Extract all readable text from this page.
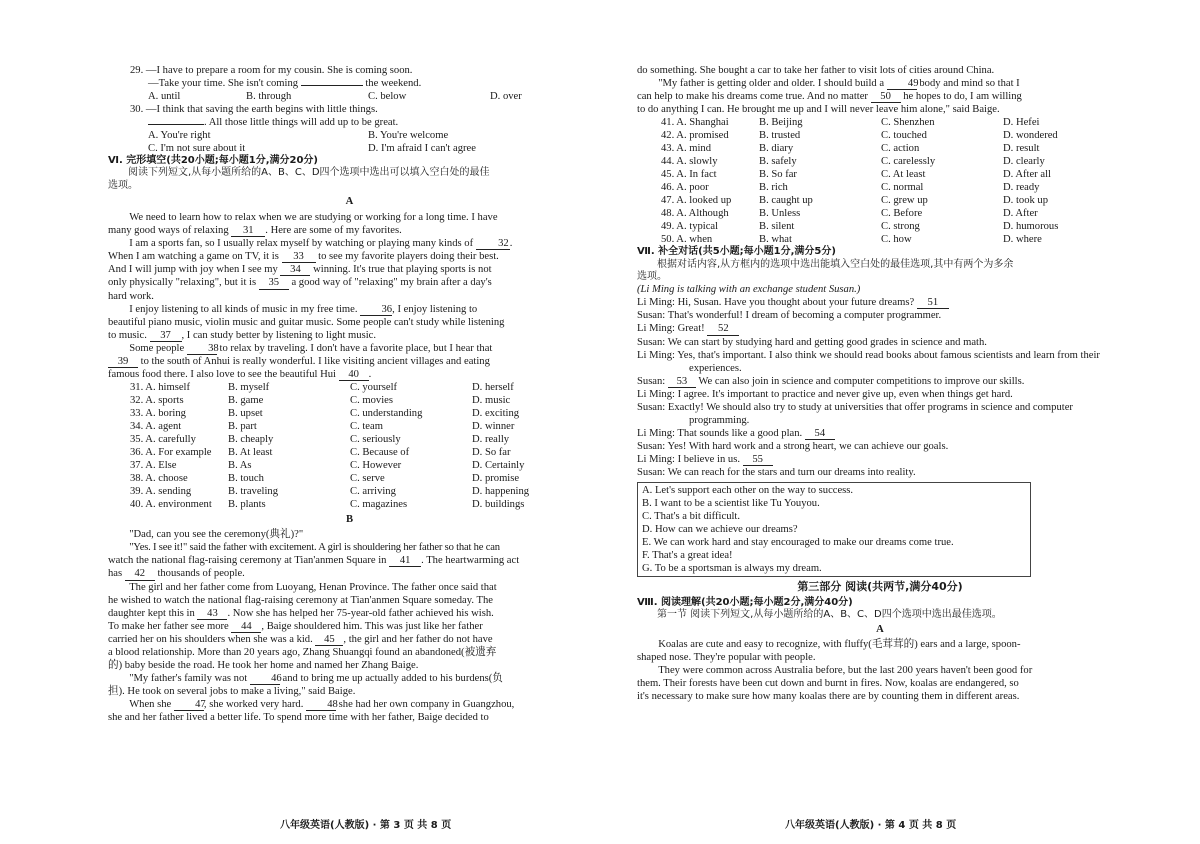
29. —I have to prepare a room for my cousin. She is coming soon.

—Take your time. She isn't coming	the weekend.

A. until	B. through	C. below	D. over

30. —I think that saving the earth begins with little things.

. All those little things will add up to be great.

A. You're right	B. You're welcome
C. I'm not sure about it	D. I'm afraid I can't agree

Ⅵ. 完形填空(共20小题;每小题1分,满分20分)

阅读下列短文,从每小题所给的A、B、C、D四个选项中选出可以填入空白处的最佳

选项。

A

We need to learn how to relax when we are studying or working for a long time. I have

many good ways of relaxing 31 . Here are some of my favorites.

I am a sports fan, so I usually relax myself by watching or playing many kinds of 32.

When I am watching a game on TV, it is 33 to see my favorite players doing their best.

And I will jump with joy when I see my 34 winning. It's true that playing sports is not

only physically "relaxing", but it is 35 a good way of "relaxing" my brain after a day's

hard work.

I enjoy listening to all kinds of music in my free time. 36, I enjoy listening to

beautiful piano music, violin music and guitar music. Some people can't study while listening

to music. 37 , I can study better by listening to light music.

Some people 38 to relax by traveling. I don't have a favorite place, but I hear that

39 to the south of Anhui is really wonderful. I like visiting ancient villages and eating

famous food there. I also love to see the beautiful Hui 40 .

31. A. himself	B. myself	C. yourself	D. herself
32. A. sports	B. game	C. movies	D. music
33. A. boring	B. upset	C. understanding	D. exciting
34. A. agent	B. part	C. team	D. winner
35. A. carefully	B. cheaply	C. seriously	D. really
36. A. For example	B. At least	C. Because of	D. So far
37. A. Else	B. As	C. However	D. Certainly
38. A. choose	B. touch	C. serve	D. promise
39. A. sending	B. traveling	C. arriving	D. happening
40. A. environment	B. plants	C. magazines	D. buildings

B

"Dad, can you see the ceremony(典礼)?"

"Yes. I see it!" said the father with excitement. A girl is shouldering her father so that he can

watch the national flag-raising ceremony at Tian'anmen Square in 41 . The heartwarming act

has 42 thousands of people.

The girl and her father come from Luoyang, Henan Province. The father once said that

he wished to watch the national flag-raising ceremony at Tian'anmen Square someday. The

daughter kept this in 43 . Now she has helped her 75-year-old father achieved his wish.

To make her father see more 44 , Baige shouldered him. This was just like her father

carried her on his shoulders when she was a kid. 45 , the girl and her father do not have

a blood relationship. More than 20 years ago, Zhang Shuangqi found an abandoned(被遗弃

的) baby beside the road. He took her home and named her Zhang Baige.

"My father's family was not 46 and to bring me up actually added to his burdens(负

担). He took on several jobs to make a living," said Baige.

When she 47, she worked very hard. 48 she had her own company in Guangzhou,

she and her father lived a better life. To spend more time with her father, Baige decided to

do something. She bought a car to take her father to visit lots of cities around China.

"My father is getting older and older. I should build a 49 body and mind so that I

can help to make his dreams come true. And no matter 50 he hopes to do, I am willing

to do anything I can. He brought me up and I will never leave him alone," said Baige.

41. A. Shanghai	B. Beijing	C. Shenzhen	D. Hefei
42. A. promised	B. trusted	C. touched	D. wondered
43. A. mind	B. diary	C. action	D. result
44. A. slowly	B. safely	C. carelessly	D. clearly
45. A. In fact	B. So far	C. At least	D. After all
46. A. poor	B. rich	C. normal	D. ready
47. A. looked up	B. caught up	C. grew up	D. took up
48. A. Although	B. Unless	C. Before	D. After
49. A. typical	B. silent	C. strong	D. humorous
50. A. when	B. what	C. how	D. where

Ⅶ. 补全对话(共5小题;每小题1分,满分5分)

根据对话内容,从方框内的选项中选出能填入空白处的最佳选项,其中有两个为多余

选项。

(Li Ming is talking with an exchange student Susan.)

Li Ming: Hi, Susan. Have you thought about your future dreams? 51

Susan: That's wonderful! I dream of becoming a computer programmer.

Li Ming: Great! 52

Susan: We can start by studying hard and getting good grades in science and math.

Li Ming: Yes, that's important. I also think we should read books about famous scientists and learn from their experiences.

Susan: 53 We can also join in science and computer competitions to improve our skills.

Li Ming: I agree. It's important to practice and never give up, even when things get hard.

Susan: Exactly! We should also try to study at universities that offer programs in science and computer programming.

Li Ming: That sounds like a good plan. 54

Susan: Yes! With hard work and a strong heart, we can achieve our goals.

Li Ming: I believe in us. 55

Susan: We can reach for the stars and turn our dreams into reality.

A. Let's support each other on the way to success.

B. I want to be a scientist like Tu Youyou.

C. That's a bit difficult.

D. How can we achieve our dreams?

E. We can work hard and stay encouraged to make our dreams come true.

F. That's a great idea!

G. To be a sportsman is always my dream.

第三部分 阅读(共两节,满分40分)

Ⅷ. 阅读理解(共20小题;每小题2分,满分40分)

第一节 阅读下列短文,从每小题所给的A、B、C、D四个选项中选出最佳选项。

A

Koalas are cute and easy to recognize, with fluffy(毛茸茸的) ears and a large, spoon-

shaped nose. They're popular with people.

They were common across Australia before, but the last 200 years haven't been good for

them. Their forests have been cut down and burnt in fires. Now, koalas are endangered, so

it's necessary to make sure how many koalas there are by counting them in different areas.

八年级英语(人教版) · 第 3 页 共 8 页	八年级英语(人教版) · 第 4 页 共 8 页
